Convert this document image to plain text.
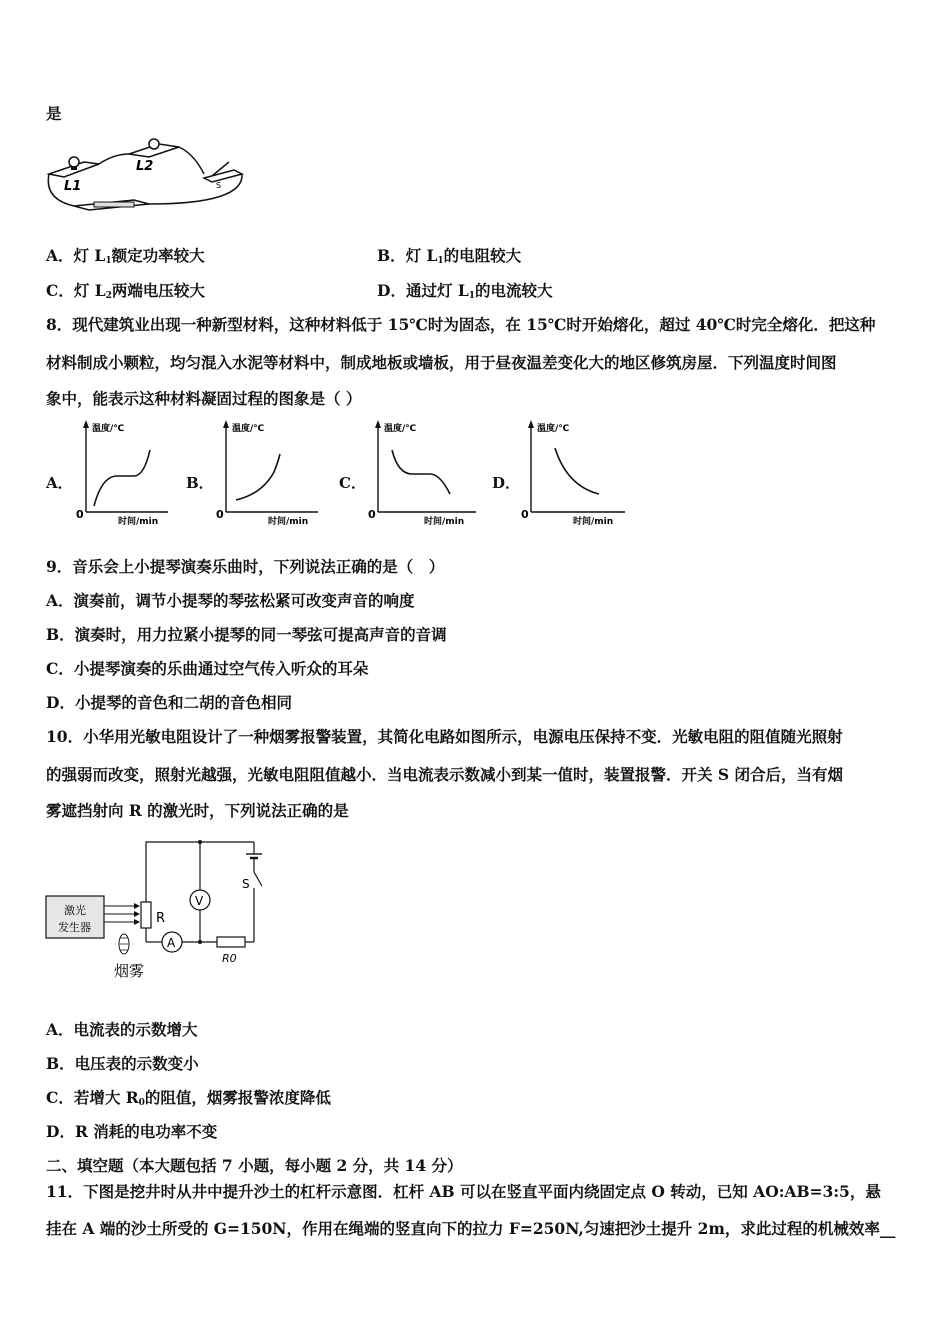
是
L1
L2
S
A．灯 $L_1$额定功率较大	B．灯 $L_1$的电阻较大
C．灯 $L_2$两端电压较大	D．通过灯 $L_1$的电流较大
8．现代建筑业出现一种新型材料，这种材料低于 15℃时为固态，在 15℃时开始熔化，超过 40℃时完全熔化．把这种
材料制成小颗粒，均匀混入水泥等材料中，制成地板或墙板，用于昼夜温差变化大的地区修筑房屋．下列温度时间图
象中，能表示这种材料凝固过程的图象是（ ）
A．	B．	C．	D．
温度/℃
0
时间/min
温度/℃
0
时间/min
温度/℃
0
时间/min
温度/℃
0
时间/min
9．音乐会上小提琴演奏乐曲时，下列说法正确的是（　）
A．演奏前，调节小提琴的琴弦松紧可改变声音的响度
B．演奏时，用力拉紧小提琴的同一琴弦可提高声音的音调
C．小提琴演奏的乐曲通过空气传入听众的耳朵
D．小提琴的音色和二胡的音色相同
10．小华用光敏电阻设计了一种烟雾报警装置，其简化电路如图所示，电源电压保持不变．光敏电阻的阻值随光照射
的强弱而改变，照射光越强，光敏电阻阻值越小．当电流表示数减小到某一值时，装置报警．开关 S 闭合后，当有烟
雾遮挡射向 R 的激光时，下列说法正确的是
激光
发生器
烟雾
S
R
A
R0
V
A．电流表的示数增大
B．电压表的示数变小
C．若增大 $R_0$的阻值，烟雾报警浓度降低
D．R 消耗的电功率不变
二、填空题（本大题包括 7 小题，每小题 2 分，共 14 分）
11．下图是挖井时从井中提升沙土的杠杆示意图．杠杆 AB 可以在竖直平面内绕固定点 O 转动，已知 AO:AB=3:5，悬
挂在 A 端的沙土所受的 G=150N，作用在绳端的竖直向下的拉力 F=250N,匀速把沙土提升 2m，求此过程的机械效率__
